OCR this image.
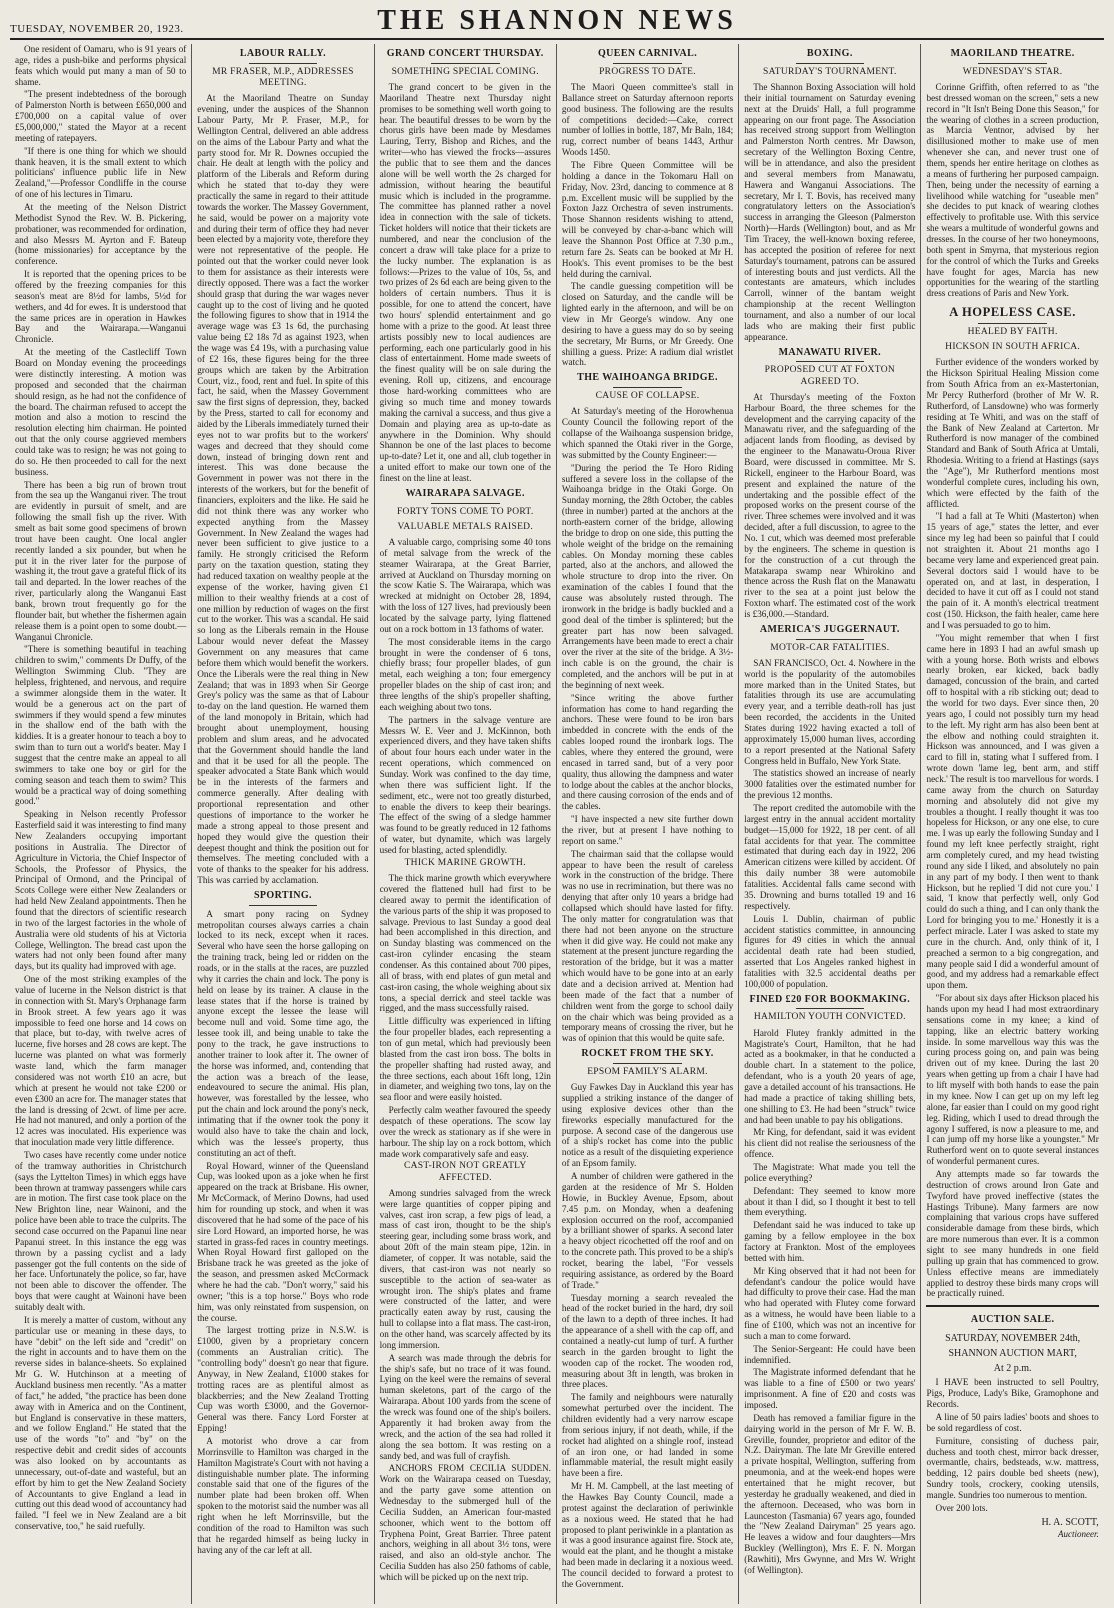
TUESDAY, NOVEMBER 20, 1923.	THE SHANNON NEWS

One resident of Oamaru, who is 91 years of age, rides a push-bike and performs physical feats which would put many a man of 50 to shame.

"The present indebtedness of the borough of Palmerston North is between £650,000 and £700,000 on a capital value of over £5,000,000," stated the Mayor at a recent meeting of ratepayers.

"If there is one thing for which we should thank heaven, it is the small extent to which politicians' influence public life in New Zealand,"—Professor Condliffe in the course of one of his lectures in Timaru.

At the meeting of the Nelson District Methodist Synod the Rev. W. B. Pickering, probationer, was recommended for ordination, and also Messrs M. Ayrton and F. Bateup (home missionaries) for acceptance by the conference.

It is reported that the opening prices to be offered by the freezing companies for this season's meat are 8½d for lambs, 5½d for wethers, and 4d for ewes. It is understood that the same prices are in operation in Hawkes Bay and the Wairarapa.—Wanganui Chronicle.

At the meeting of the Castlecliff Town Board on Monday evening the proceedings were distinctly interesting. A motion was proposed and seconded that the chairman should resign, as he had not the confidence of the board. The chairman refused to accept the motion and also a motion to rescind the resolution electing him chairman. He pointed out that the only course aggrieved members could take was to resign; he was not going to do so. He then proceeded to call for the next business.

There has been a big run of brown trout from the sea up the Wanganui river. The trout are evidently in pursuit of smelt, and are following the small fish up the river. With smelt as bait some good specimens of brown trout have been caught. One local angler recently landed a six pounder, but when he put it in the river later for the purpose of washing it, the trout gave a grateful flick of its tail and departed. In the lower reaches of the river, particularly along the Wanganui East bank, brown trout frequently go for the flounder bait, but whether the fishermen again release them is a point open to some doubt.—Wanganui Chronicle.

"There is something beautiful in teaching children to swim," comments Dr Duffy, of the Wellington Swimming Club. "They are helpless, frightened, and nervous, and require a swimmer alongside them in the water. It would be a generous act on the part of swimmers if they would spend a few minutes in the shallow end of the bath with the kiddies. It is a greater honour to teach a boy to swim than to turn out a world's beater. May I suggest that the centre make an appeal to all swimmers to take one boy or girl for the coming season and teach them to swim? This would be a practical way of doing something good."

Speaking in Nelson recently Professor Easterfield said it was interesting to find many New Zealanders occupying important positions in Australia. The Director of Agriculture in Victoria, the Chief Inspector of Schools, the Professor of Physics, the Principal of Ormond, and the Principal of Scots College were either New Zealanders or had held New Zealand appointments. Then he found that the directors of scientific research in two of the largest factories in the whole of Australia were old students of his at Victoria College, Wellington. The bread cast upon the waters had not only been found after many days, but its quality had improved with age.

One of the most striking examples of the value of lucerne in the Nelson district is that in connection with St. Mary's Orphanage farm in Brook street. A few years ago it was impossible to feed one horse and 14 cows on that place, but to-day, with twelve acres of lucerne, five horses and 28 cows are kept. The lucerne was planted on what was formerly waste land, which the farm manager considered was not worth £10 an acre, but which at present he would not take £200 or even £300 an acre for. The manager states that the land is dressing of 2cwt. of lime per acre. He had not manured, and only a portion of the 12 acres was inoculated. His experience was that inoculation made very little difference.

Two cases have recently come under notice of the tramway authorities in Christchurch (says the Lyttelton Times) in which eggs have been thrown at tramway passengers while cars are in motion. The first case took place on the New Brighton line, near Wainoni, and the police have been able to trace the culprits. The second case occurred on the Papanui line near Papanui street. In this instance the egg was thrown by a passing cyclist and a lady passenger got the full contents on the side of her face. Unfortunately the police, so far, have not been able to discover the offender. The boys that were caught at Wainoni have been suitably dealt with.

It is merely a matter of custom, without any particular use or meaning in these days, to have "debit" on the left side and "credit" on the right in accounts and to have them on the reverse sides in balance-sheets. So explained Mr G. W. Hutchinson at a meeting of Auckland business men recently. "As a matter of fact," he added, "the practice has been done away with in America and on the Continent, but England is conservative in these matters, and we follow England." He stated that the use of the words "to" and "by" on the respective debit and credit sides of accounts was also looked on by accountants as unnecessary, out-of-date and wasteful, but an effort by him to get the New Zealand Society of Accountants to give England a lead in cutting out this dead wood of accountancy had failed. "I feel we in New Zealand are a bit conservative, too," he said ruefully.

LABOUR RALLY.
MR FRASER, M.P., ADDRESSES MEETING.

At the Maoriland Theatre on Sunday evening, under the auspices of the Shannon Labour Party, Mr P. Fraser, M.P., for Wellington Central, delivered an able address on the aims of the Labour Party and what the party stood for. Mr R. Downes occupied the chair. He dealt at length with the policy and platform of the Liberals and Reform during which he stated that to-day they were practically the same in regard to their attitude towards the worker. The Massey Government, he said, would be power on a majority vote and during their term of office they had never been elected by a majority vote, therefore they were not representative of the people. He pointed out that the worker could never look to them for assistance as their interests were directly opposed. There was a fact the worker should grasp that during the war wages never caught up to the cost of living and he quoted the following figures to show that in 1914 the average wage was £3 1s 6d, the purchasing value being £2 18s 7d as against 1923, when the wage was £4 19s, with a purchasing value of £2 16s, these figures being for the three groups which are taken by the Arbitration Court, viz., food, rent and fuel. In spite of this fact, he said, when the Massey Government saw the first signs of depression, they, backed by the Press, started to call for economy and aided by the Liberals immediately turned their eyes not to war profits but to the workers' wages and decreed that they should come down, instead of bringing down rent and interest. This was done because the Government in power was not there in the interests of the workers, but for the benefit of financiers, exploiters and the like. He said he did not think there was any worker who expected anything from the Massey Government. In New Zealand the wages had never been sufficient to give justice to a family. He strongly criticised the Reform party on the taxation question, stating they had reduced taxation on wealthy people at the expense of the worker, having given £1 million to their wealthy friends at a cost of one million by reduction of wages on the first cut to the worker. This was a scandal. He said so long as the Liberals remain in the House Labour would never defeat the Massey Government on any measures that came before them which would benefit the workers. Once the Liberals were the real thing in New Zealand; that was in 1893 when Sir George Grey's policy was the same as that of Labour to-day on the land question. He warned them of the land monopoly in Britain, which had brought about unemployment, housing problem and slum areas, and he advocated that the Government should handle the land and that it be used for all the people. The speaker advocated a State Bank which would be in the interests of the farmers and commerce generally. After dealing with proportional representation and other questions of importance to the worker he made a strong appeal to those present and hoped they would give the question their deepest thought and think the position out for themselves. The meeting concluded with a vote of thanks to the speaker for his address. This was carried by acclamation.

SPORTING.

A smart pony racing on Sydney metropolitan courses always carries a chain locked to its neck, except when it races. Several who have seen the horse galloping on the training track, being led or ridden on the roads, or in the stalls at the races, are puzzled why it carries the chain and lock. The pony is held on lease by its trainer. A clause in the lease states that if the horse is trained by anyone except the lessee the lease will become null and void. Some time ago, the lessee took ill, and being unable to take the pony to the track, he gave instructions to another trainer to look after it. The owner of the horse was informed, and, contending that the action was a breach of the lease, endeavoured to secure the animal. His plan, however, was forestalled by the lessee, who put the chain and lock around the pony's neck, intimating that if the owner took the pony it would also have to take the chain and lock, which was the lessee's property, thus constituting an act of theft.

Royal Howard, winner of the Queensland Cup, was looked upon as a joke when he first appeared on the track at Brisbane. His owner, Mr McCormack, of Merino Downs, had used him for rounding up stock, and when it was discovered that he had some of the pace of his sire Lord Howard, an imported horse, he was started in grass-fed races in country meetings. When Royal Howard first galloped on the Brisbane track he was greeted as the joke of the season, and pressmen asked McCormack where he had the cab. "Don't worry," said his owner; "this is a top horse." Boys who rode him, was only reinstated from suspension, on the course.

The largest trotting prize in N.S.W. is £1000, given by a proprietary concern (comments an Australian critic). The "controlling body" doesn't go near that figure. Anyway, in New Zealand, £1000 stakes for trotting races are as plentiful almost as blackberries; and the New Zealand Trotting Cup was worth £3000, and the Governor-General was there. Fancy Lord Forster at Epping!

A motorist who drove a car from Morrinsville to Hamilton was charged in the Hamilton Magistrate's Court with not having a distinguishable number plate. The informing constable said that one of the figures of the number plate had been broken off. When spoken to the motorist said the number was all right when he left Morrinsville, but the condition of the road to Hamilton was such that he regarded himself as being lucky in having any of the car left at all.

GRAND CONCERT THURSDAY.
SOMETHING SPECIAL COMING.

The grand concert to be given in the Maoriland Theatre next Thursday night promises to be something well worth going to hear. The beautiful dresses to be worn by the chorus girls have been made by Mesdames Lauring, Terry, Bishop and Riches, and the writer—who has viewed the frocks—assures the public that to see them and the dances alone will be well worth the 2s charged for admission, without hearing the beautiful music which is included in the programme. The committee has planned rather a novel idea in connection with the sale of tickets. Ticket holders will notice that their tickets are numbered, and near the conclusion of the concert a draw will take place for a prize to the lucky number. The explanation is as follows:—Prizes to the value of 10s, 5s, and two prizes of 2s 6d each are being given to the holders of certain numbers. Thus it is possible, for one to attend the concert, have two hours' splendid entertainment and go home with a prize to the good. At least three artists possibly new to local audiences are performing, each one particularly good in his class of entertainment. Home made sweets of the finest quality will be on sale during the evening. Roll up, citizens, and encourage those hard-working committees who are giving so much time and money towards making the carnival a success, and thus give a Domain and playing area as up-to-date as anywhere in the Dominion. Why should Shannon be one of the last places to become up-to-date? Let it, one and all, club together in a united effort to make our town one of the finest on the line at least.

WAIRARAPA SALVAGE.
FORTY TONS COME TO PORT.
VALUABLE METALS RAISED.

A valuable cargo, comprising some 40 tons of metal salvage from the wreck of the steamer Wairarapa, at the Great Barrier, arrived at Auckland on Thursday morning on the scow Katie S. The Wairarapa, which was wrecked at midnight on October 28, 1894, with the loss of 127 lives, had previously been located by the salvage party, lying flattened out on a rock bottom in 13 fathoms of water.

The most considerable items in the cargo brought in were the condenser of 6 tons, chiefly brass; four propeller blades, of gun metal, each weighing a ton; four emergency propeller blades on the ship of cast iron; and three lengths of the ship's propeller shafting, each weighing about two tons.

The partners in the salvage venture are Messrs W. E. Veer and J. McKinnon, both experienced divers, and they have taken shifts of about four hours each under water in the recent operations, which commenced on Sunday. Work was confined to the day time, when there was sufficient light. If the sediment, etc., were not too greatly disturbed, to enable the divers to keep their bearings. The effect of the swing of a sledge hammer was found to be greatly reduced in 12 fathoms of water, but dynamite, which was largely used for blasting, acted splendidly.

THICK MARINE GROWTH.

The thick marine growth which everywhere covered the flattened hull had first to be cleared away to permit the identification of the various parts of the ship it was proposed to salvage. Previous to last Sunday a good deal had been accomplished in this direction, and on Sunday blasting was commenced on the cast-iron cylinder encasing the steam condenser. As this contained about 700 pipes, all of brass, with end plates of gun metal and cast-iron casing, the whole weighing about six tons, a special derrick and steel tackle was rigged, and the mass successfully raised.

Little difficulty was experienced in lifting the four propeller blades, each representing a ton of gun metal, which had previously been blasted from the cast iron boss. The bolts in the propeller shafting had rusted away, and the three sections, each about 16ft long, 12in in diameter, and weighing two tons, lay on the sea floor and were easily hoisted.

Perfectly calm weather favoured the speedy despatch of these operations. The scow lay over the wreck as stationary as if she were in harbour. The ship lay on a rock bottom, which made work comparatively safe and easy.

CAST-IRON NOT GREATLY AFFECTED.

Among sundries salvaged from the wreck were large quantities of copper piping and valves, cast iron scrap, a few pigs of lead, a mass of cast iron, thought to be the ship's steering gear, including some brass work, and about 20ft of the main steam pipe, 12in. in diameter, of copper. It was notable, said the divers, that cast-iron was not nearly so susceptible to the action of sea-water as wrought iron. The ship's plates and frame were constructed of the latter, and were practically eaten away by rust, causing the hull to collapse into a flat mass. The cast-iron, on the other hand, was scarcely affected by its long immersion.

A search was made through the debris for the ship's safe, but no trace of it was found. Lying on the keel were the remains of several human skeletons, part of the cargo of the Wairarapa. About 100 yards from the scene of the wreck was found one of the ship's boilers. Apparently it had broken away from the wreck, and the action of the sea had rolled it along the sea bottom. It was resting on a sandy bed, and was full of crayfish.

ANCHORS FROM CECILIA SUDDEN. Work on the Wairarapa ceased on Tuesday, and the party gave some attention on Wednesday to the submerged hull of the Cecilia Sudden, an American four-masted schooner, which went to the bottom off Tryphena Point, Great Barrier. Three patent anchors, weighing in all about 3½ tons, were raised, and also an old-style anchor. The Cecilia Sudden has also 250 fathoms of cable, which will be picked up on the next trip.

QUEEN CARNIVAL.
PROGRESS TO DATE.

The Maori Queen committee's stall in Ballance street on Saturday afternoon reports good business. The following are the results of competitions decided:—Cake, correct number of lollies in bottle, 187, Mr Baln, 184; rug, correct number of beans 1443, Arthur Woods 1450.

The Fibre Queen Committee will be holding a dance in the Tokomaru Hall on Friday, Nov. 23rd, dancing to commence at 8 p.m. Excellent music will be supplied by the Foxton Jazz Orchestra of seven instruments. Those Shannon residents wishing to attend, will be conveyed by char-a-banc which will leave the Shannon Post Office at 7.30 p.m., return fare 2s. Seats can be booked at Mr H. Hook's. This event promises to be the best held during the carnival.

The candle guessing competition will be closed on Saturday, and the candle will be lighted early in the afternoon, and will be on view in Mr George's window. Any one desiring to have a guess may do so by seeing the secretary, Mr Burns, or Mr Greedy. One shilling a guess. Prize: A radium dial wristlet watch.

THE WAIHOANGA BRIDGE.
CAUSE OF COLLAPSE.

At Saturday's meeting of the Horowhenua County Council the following report of the collapse of the Waihoanga suspension bridge, which spanned the Otaki river in the Gorge, was submitted by the County Engineer:—

"During the period the Te Horo Riding suffered a severe loss in the collapse of the Waihoanga bridge in the Otaki Gorge. On Sunday morning, the 28th October, the cables (three in number) parted at the anchors at the north-eastern corner of the bridge, allowing the bridge to drop on one side, this putting the whole weight of the bridge on the remaining cables. On Monday morning these cables parted, also at the anchors, and allowed the whole structure to drop into the river. On examination of the cables I found that the cause was absolutely rusted through. The ironwork in the bridge is badly buckled and a good deal of the timber is splintered; but the greater part has now been salvaged. Arrangements have been made to erect a chair over the river at the site of the bridge. A 3½-inch cable is on the ground, the chair is completed, and the anchors will be put in at the beginning of next week.

"Since writing the above further information has come to hand regarding the anchors. These were found to be iron bars imbedded in concrete with the ends of the cables looped round the ironbark logs. The cables, where they entered the ground, were encased in tarred sand, but of a very poor quality, thus allowing the dampness and water to lodge about the cables at the anchor blocks, and there causing corrosion of the ends and of the cables.

"I have inspected a new site further down the river, but at present I have nothing to report on same."

The chairman said that the collapse would appear to have been the result of careless work in the construction of the bridge. There was no use in recrimination, but there was no denying that after only 10 years a bridge had collapsed which should have lasted for fifty. The only matter for congratulation was that there had not been anyone on the structure when it did give way. He could not make any statement at the present juncture regarding the restoration of the bridge, but it was a matter which would have to be gone into at an early date and a decision arrived at. Mention had been made of the fact that a number of children went from the gorge to school daily on the chair which was being provided as a temporary means of crossing the river, but he was of opinion that this would be quite safe.

ROCKET FROM THE SKY.
EPSOM FAMILY'S ALARM.

Guy Fawkes Day in Auckland this year has supplied a striking instance of the danger of using explosive devices other than the fireworks especially manufactured for the purpose. A second case of the dangerous use of a ship's rocket has come into the public notice as a result of the disquieting experience of an Epsom family.

A number of children were gathered in the garden at the residence of Mr S. Holden Howie, in Buckley Avenue, Epsom, about 7.45 p.m. on Monday, when a deafening explosion occurred on the roof, accompanied by a brilliant shower of sparks. A second later a heavy object ricochetted off the roof and on to the concrete path. This proved to be a ship's rocket, bearing the label, "For vessels requiring assistance, as ordered by the Board of Trade."

Tuesday morning a search revealed the head of the rocket buried in the hard, dry soil of the lawn to a depth of three inches. It had the appearance of a shell with the cap off, and contained a neatly-cut lump of turf. A further search in the garden brought to light the wooden cap of the rocket. The wooden rod, measuring about 3ft in length, was broken in three places.

The family and neighbours were naturally somewhat perturbed over the incident. The children evidently had a very narrow escape from serious injury, if not death, while, if the rocket had alighted on a shingle roof, instead of an iron one, or had landed in some inflammable material, the result might easily have been a fire.

Mr H. M. Campbell, at the last meeting of the Hawkes Bay County Council, made a protest against the declaration of periwinkle as a noxious weed. He stated that he had proposed to plant periwinkle in a plantation as it was a good insurance against fire. Stock ate, would eat the plant, and he thought a mistake had been made in declaring it a noxious weed. The council decided to forward a protest to the Government.

BOXING.
SATURDAY'S TOURNAMENT.

The Shannon Boxing Association will hold their initial tournament on Saturday evening next at the Druids' Hall, a full programme appearing on our front page. The Association has received strong support from Wellington and Palmerston North centres. Mr Dawson, secretary of the Wellington Boxing Centre, will be in attendance, and also the president and several members from Manawatu, Hawera and Wanganui Associations. The secretary, Mr I. T. Bovis, has received many congratulatory letters on the Association's success in arranging the Gleeson (Palmerston North)—Hards (Wellington) bout, and as Mr Tim Tracey, the well-known boxing referee, has accepted the position of referee for next Saturday's tournament, patrons can be assured of interesting bouts and just verdicts. All the contestants are amateurs, which includes Carroll, winner of the bantam weight championship at the recent Wellington tournament, and also a number of our local lads who are making their first public appearance.

MANAWATU RIVER.
PROPOSED CUT AT FOXTON AGREED TO.

At Thursday's meeting of the Foxton Harbour Board, the three schemes for the development and the carrying capacity of the Manawatu river, and the safeguarding of the adjacent lands from flooding, as devised by the engineer to the Manawatu-Oroua River Board, were discussed in committee. Mr S. Rickell, engineer to the Harbour Board, was present and explained the nature of the undertaking and the possible effect of the proposed works on the present course of the river. Three schemes were involved and it was decided, after a full discussion, to agree to the No. 1 cut, which was deemed most preferable by the engineers. The scheme in question is for the construction of a cut through the Matakarapa swamp near Whirokino and thence across the Rush flat on the Manawatu river to the sea at a point just below the Foxton wharf. The estimated cost of the work is £36,000.—Standard.

AMERICA'S JUGGERNAUT.
MOTOR-CAR FATALITIES.

SAN FRANCISCO, Oct. 4. Nowhere in the world is the popularity of the automobiles more marked than in the United States, but fatalities through its use are accumulating every year, and a terrible death-roll has just been recorded, the accidents in the United States during 1922 having exacted a toll of approximately 15,000 human lives, according to a report presented at the National Safety Congress held in Buffalo, New York State.

The statistics showed an increase of nearly 3000 fatalities over the estimated number for the previous 12 months.

The report credited the automobile with the largest entry in the annual accident mortality budget—15,000 for 1922, 18 per cent. of all fatal accidents for that year. The committee estimated that during each day in 1922, 206 American citizens were killed by accident. Of this daily number 38 were automobile fatalities. Accidental falls came second with 35. Drowning and burns totalled 19 and 16 respectively.

Louis I. Dublin, chairman of public accident statistics committee, in announcing figures for 49 cities in which the annual accidental death rate had been studied, asserted that Los Angeles ranked highest in fatalities with 32.5 accidental deaths per 100,000 of population.

FINED £20 FOR BOOKMAKING.
HAMILTON YOUTH CONVICTED.

Harold Flutey frankly admitted in the Magistrate's Court, Hamilton, that he had acted as a bookmaker, in that he conducted a double chart. In a statement to the police, defendant, who is a youth 20 years of age, gave a detailed account of his transactions. He had made a practice of taking shilling bets, one shilling to £3. He had been "struck" twice and had been unable to pay his obligations.

Mr King, for defendant, said it was evident his client did not realise the seriousness of the offence.

The Magistrate: What made you tell the police everything?

Defendant: They seemed to know more about it than I did, so I thought it best to tell them everything.

Defendant said he was induced to take up gaming by a fellow employee in the box factory at Frankton. Most of the employees betted with him.

Mr King observed that it had not been for defendant's candour the police would have had difficulty to prove their case. Had the man who had operated with Flutey come forward as a witness, he would have been liable to a fine of £100, which was not an incentive for such a man to come forward.

The Senior-Sergeant: He could have been indemnified.

The Magistrate informed defendant that he was liable to a fine of £500 or two years' imprisonment. A fine of £20 and costs was imposed.

Death has removed a familiar figure in the dairying world in the person of Mr F. W. B. Greville, founder, proprietor and editor of the N.Z. Dairyman. The late Mr Greville entered a private hospital, Wellington, suffering from pneumonia, and at the week-end hopes were entertained that he might recover, but yesterday he gradually weakened, and died in the afternoon. Deceased, who was born in Launceston (Tasmania) 67 years ago, founded the "New Zealand Dairyman" 25 years ago. He leaves a widow and four daughters—Mrs Buckley (Wellington), Mrs E. F. N. Morgan (Rawhiti), Mrs Gwynne, and Mrs W. Wright (of Wellington).

MAORILAND THEATRE.
WEDNESDAY'S STAR.

Corinne Griffith, often referred to as "the best dressed woman on the screen," sets a new record in "It Isn't Being Done this Season," for the wearing of clothes in a screen production, as Marcia Ventnor, advised by her disillusioned mother to make use of men whenever she can, and never trust one of them, spends her entire heritage on clothes as a means of furthering her purposed campaign. Then, being under the necessity of earning a livelihood while watching for "useable men" she decides to put knack of wearing clothes effectively to profitable use. With this service she wears a multitude of wonderful gowns and dresses. In the course of her two honeymoons, both spent in Smyrna, that mysterious region for the control of which the Turks and Greeks have fought for ages, Marcia has new opportunities for the wearing of the startling dress creations of Paris and New York.

A HOPELESS CASE.
HEALED BY FAITH.
HICKSON IN SOUTH AFRICA.

Further evidence of the wonders worked by the Hickson Spiritual Healing Mission come from South Africa from an ex-Mastertonian, Mr Percy Rutherford (brother of Mr W. R. Rutherford, of Lansdowne) who was formerly residing at Te Whiti, and was on the staff of the Bank of New Zealand at Carterton. Mr Rutherford is now manager of the combined Standard and Bank of South Africa at Umtali, Rhodesia. Writing to a friend at Hastings (says the "Age"), Mr Rutherford mentions most wonderful complete cures, including his own, which were effected by the faith of the afflicted.

"I had a fall at Te Whiti (Masterton) when 15 years of age," states the letter, and ever since my leg had been so painful that I could not straighten it. About 21 months ago I became very lame and experienced great pain. Several doctors said I would have to be operated on, and at last, in desperation, I decided to have it cut off as I could not stand the pain of it. A month's electrical treatment cost (150. Hickson, the faith healer, came here and I was persuaded to go to him.

"You might remember that when I first came here in 1893 I had an awful smash up with a young horse. Both wrists and elbows nearly broken, ear kicked, back badly damaged, concussion of the brain, and carted off to hospital with a rib sticking out; dead to the world for two days. Ever since then, 20 years ago, I could not possibly turn my head to the left. My right arm has also been bent at the elbow and nothing could straighten it. Hickson was announced, and I was given a card to fill in, stating what I suffered from. I wrote down 'lame leg, bent arm, and stiff neck.' The result is too marvellous for words. I came away from the church on Saturday morning and absolutely did not give my troubles a thought. I really thought it was too hopeless for Hickson, or any one else, to cure me. I was up early the following Sunday and I found my left knee perfectly straight, right arm completely cured, and my head twisting round any side I liked, and absolutely no pain in any part of my body. I then went to thank Hickson, but he replied 'I did not cure you.' I said, 'I know that perfectly well, only God could do such a thing, and I can only thank the Lord for bringing you to me.' Honestly it is a perfect miracle. Later I was asked to state my cure in the church. And, only think of it, I preached a sermon to a big congregation, and many people said I did a wonderful amount of good, and my address had a remarkable effect upon them.

"For about six days after Hickson placed his hands upon my head I had most extraordinary sensations come in my knee; a kind of tapping, like an electric battery working inside. In some marvellous way this was the curing process going on, and pain was being driven out of my knee. During the last 20 years when getting up from a chair I have had to lift myself with both hands to ease the pain in my knee. Now I can get up on my left leg alone, far easier than I could on my good right leg. Riding, which I used to dread through the agony I suffered, is now a pleasure to me, and I can jump off my horse like a youngster." Mr Rutherford went on to quote several instances of wonderful permanent cures.

Any attempts made so far towards the destruction of crows around Iron Gate and Twyford have proved ineffective (states the Hastings Tribune). Many farmers are now complaining that various crops have suffered considerable damage from these birds, which are more numerous than ever. It is a common sight to see many hundreds in one field pulling up grain that has commenced to grow. Unless effective means are immediately applied to destroy these birds many crops will be practically ruined.

AUCTION SALE.
SATURDAY, NOVEMBER 24th,
SHANNON AUCTION MART,
At 2 p.m.

I HAVE been instructed to sell Poultry, Pigs, Produce, Lady's Bike, Gramophone and Records.

A line of 50 pairs ladies' boots and shoes to be sold regardless of cost.

Furniture, consisting of duchess pair, duchess and tooth chest, mirror back dresser, overmantle, chairs, bedsteads, w.w. mattress, bedding, 12 pairs double bed sheets (new), Sundry tools, crockery, cooking utensils, mangle. Sundries too numerous to mention.

Over 200 lots.

H. A. SCOTT,
Auctioneer.
